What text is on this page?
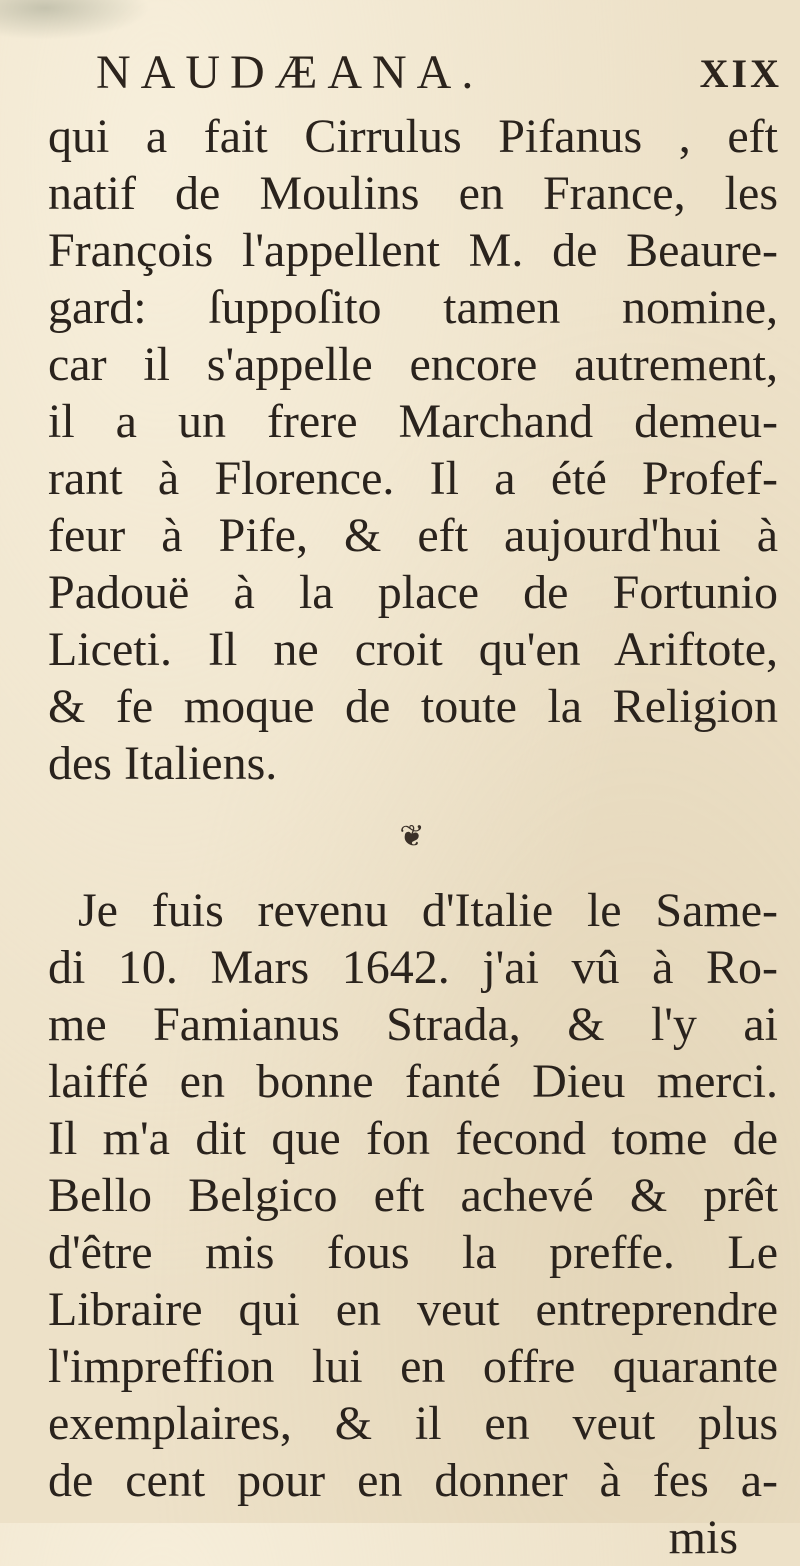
NAUDÆANA.	XIX
qui a fait Cirrulus Pifanus , eft
natif de Moulins en France, les
François l'appellent M. de Beaure-
gard: ſuppoſito tamen nomine,
car il s'appelle encore autrement,
il a un frere Marchand demeu-
rant à Florence. Il a été Profef-
feur à Pife, & eft aujourd'hui à
Padouë à la place de Fortunio
Liceti. Il ne croit qu'en Ariftote,
& fe moque de toute la Religion
des Italiens.
❦
Je fuis revenu d'Italie le Same-
di 10. Mars 1642. j'ai vû à Ro-
me Famianus Strada, & l'y ai
laiffé en bonne fanté Dieu merci.
Il m'a dit que fon fecond tome de
Bello Belgico eft achevé & prêt
d'être mis fous la preffe. Le
Libraire qui en veut entreprendre
l'impreffion lui en offre quarante
exemplaires, & il en veut plus
de cent pour en donner à fes a-
mis
